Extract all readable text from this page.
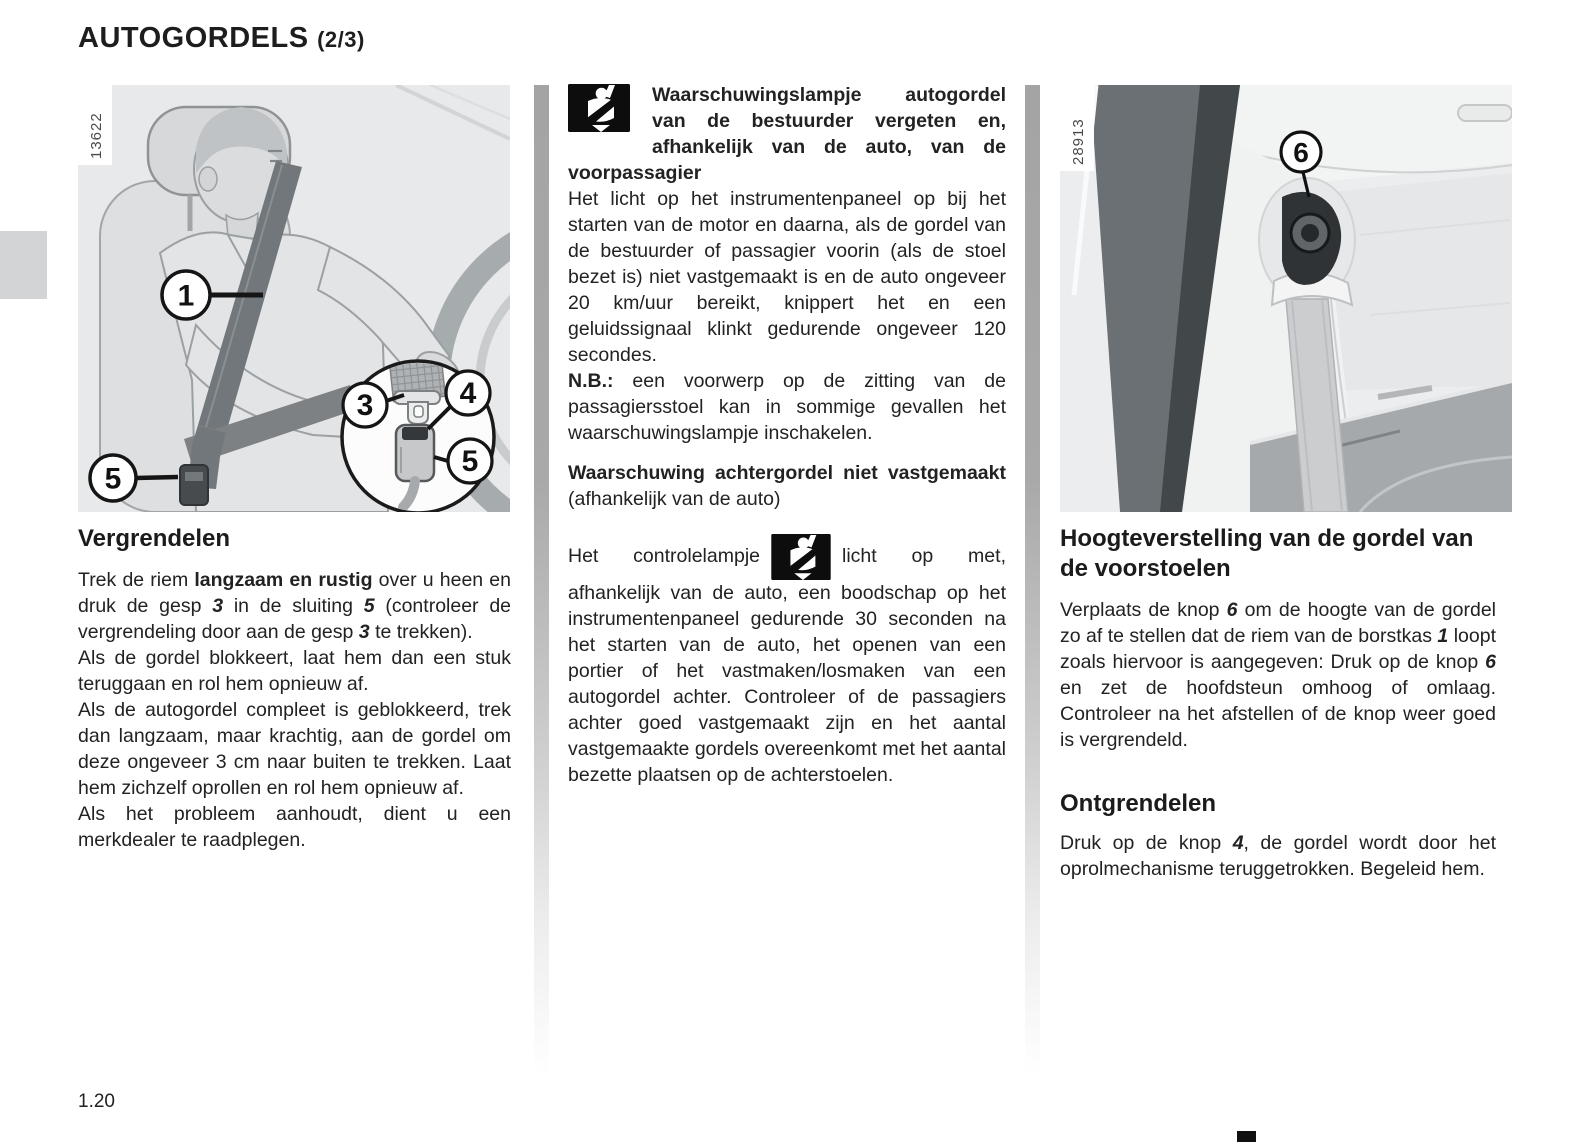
AUTOGORDELS (2/3)
1
5
3	4
5
13622	6
28913
Vergrendelen

Trek de riem langzaam en rustig over u heen en druk de gesp 3 in de sluiting 5 (controleer de vergrendeling door aan de gesp 3 te trekken).

Als de gordel blokkeert, laat hem dan een stuk teruggaan en rol hem opnieuw af.

Als de autogordel compleet is geblokkeerd, trek dan langzaam, maar krachtig, aan de gordel om deze ongeveer 3 cm naar buiten te trekken. Laat hem zichzelf oprollen en rol hem opnieuw af.

Als het probleem aanhoudt, dient u een merkdealer te raadplegen.

Waarschuwingslampje autogordel van de bestuurder vergeten en, afhankelijk van de auto, van de voorpassagier

Het licht op het instrumentenpaneel op bij het starten van de motor en daarna, als de gordel van de bestuurder of passagier voorin (als de stoel bezet is) niet vastgemaakt is en de auto ongeveer 20 km/uur bereikt, knippert het en een geluidssignaal klinkt gedurende ongeveer 120 secondes.

N.B.: een voorwerp op de zitting van de passagiersstoel kan in sommige gevallen het waarschuwingslampje inschakelen.

Waarschuwing achtergordel niet vastgemaakt (afhankelijk van de auto)

Het controlelampje	licht op met, afhankelijk van de auto, een boodschap op het instrumentenpaneel gedurende 30 seconden na het starten van de auto, het openen van een portier of het vastmaken/losmaken van een autogordel achter. Controleer of de passagiers achter goed vastgemaakt zijn en het aantal vastgemaakte gordels overeenkomt met het aantal bezette plaatsen op de achterstoelen.

Hoogteverstelling van de gordel van de voorstoelen

Verplaats de knop 6 om de hoogte van de gordel zo af te stellen dat de riem van de borstkas 1 loopt zoals hiervoor is aangegeven: Druk op de knop 6 en zet de hoofdsteun omhoog of omlaag. Controleer na het afstellen of de knop weer goed is vergrendeld.

Ontgrendelen

Druk op de knop 4, de gordel wordt door het oprolmechanisme teruggetrokken. Begeleid hem.

1.20
